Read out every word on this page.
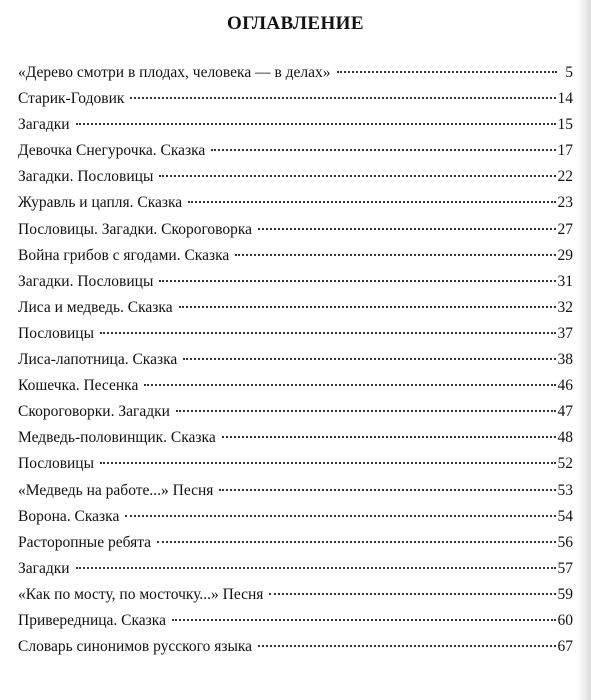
ОГЛАВЛЕНИЕ
«Дерево смотри в плодах, человека — в делах»	5
Старик-Годовик	14
Загадки	15
Девочка Снегурочка. Сказка	17
Загадки. Пословицы	22
Журавль и цапля. Сказка	23
Пословицы. Загадки. Скороговорка	27
Война грибов с ягодами. Сказка	29
Загадки. Пословицы	31
Лиса и медведь. Сказка	32
Пословицы	37
Лиса-лапотница. Сказка	38
Кошечка. Песенка	46
Скороговорки. Загадки	47
Медведь-половинщик. Сказка	48
Пословицы	52
«Медведь на работе...» Песня	53
Ворона. Сказка	54
Расторопные ребята	56
Загадки	57
«Как по мосту, по мосточку...» Песня	59
Привередница. Сказка	60
Словарь синонимов русского языка	67
